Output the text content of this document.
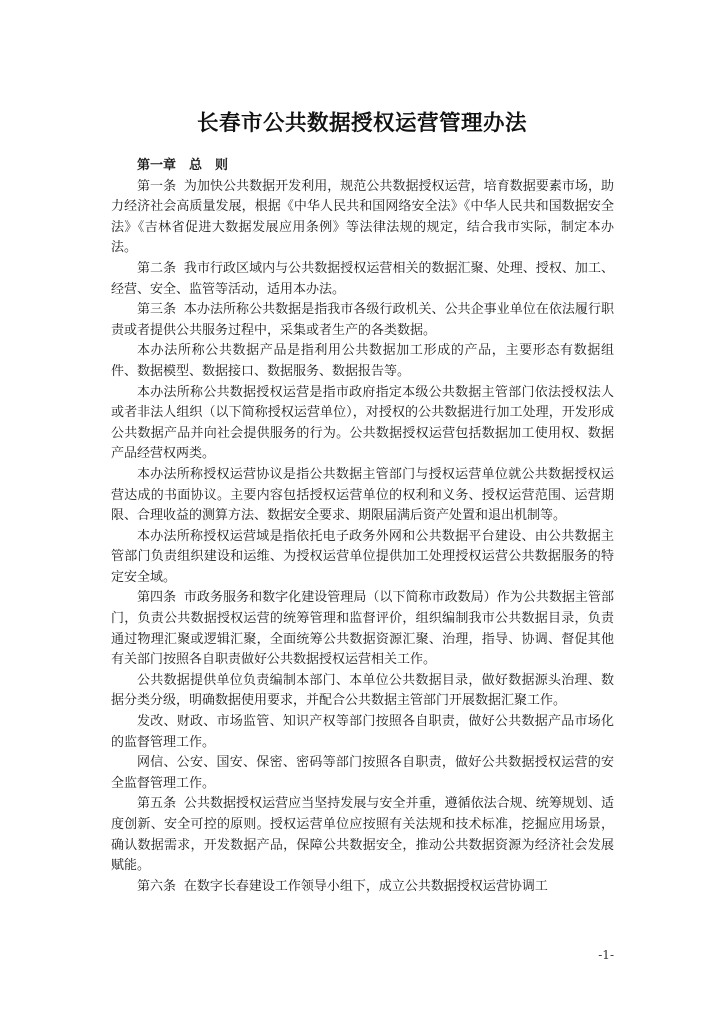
长春市公共数据授权运营管理办法

第一章　总　则

第一条 为加快公共数据开发利用，规范公共数据授权运营，培育数据要素市场，助力经济社会高质量发展，根据《中华人民共和国网络安全法》《中华人民共和国数据安全法》《吉林省促进大数据发展应用条例》等法律法规的规定，结合我市实际，制定本办法。

第二条 我市行政区域内与公共数据授权运营相关的数据汇聚、处理、授权、加工、经营、安全、监管等活动，适用本办法。

第三条 本办法所称公共数据是指我市各级行政机关、公共企事业单位在依法履行职责或者提供公共服务过程中，采集或者生产的各类数据。

本办法所称公共数据产品是指利用公共数据加工形成的产品，主要形态有数据组件、数据模型、数据接口、数据服务、数据报告等。

本办法所称公共数据授权运营是指市政府指定本级公共数据主管部门依法授权法人或者非法人组织（以下简称授权运营单位），对授权的公共数据进行加工处理，开发形成公共数据产品并向社会提供服务的行为。公共数据授权运营包括数据加工使用权、数据产品经营权两类。

本办法所称授权运营协议是指公共数据主管部门与授权运营单位就公共数据授权运营达成的书面协议。主要内容包括授权运营单位的权利和义务、授权运营范围、运营期限、合理收益的测算方法、数据安全要求、期限届满后资产处置和退出机制等。

本办法所称授权运营域是指依托电子政务外网和公共数据平台建设、由公共数据主管部门负责组织建设和运维、为授权运营单位提供加工处理授权运营公共数据服务的特定安全域。

第四条 市政务服务和数字化建设管理局（以下简称市政数局）作为公共数据主管部门，负责公共数据授权运营的统筹管理和监督评价，组织编制我市公共数据目录，负责通过物理汇聚或逻辑汇聚，全面统筹公共数据资源汇聚、治理，指导、协调、督促其他有关部门按照各自职责做好公共数据授权运营相关工作。

公共数据提供单位负责编制本部门、本单位公共数据目录，做好数据源头治理、数据分类分级，明确数据使用要求，并配合公共数据主管部门开展数据汇聚工作。

发改、财政、市场监管、知识产权等部门按照各自职责，做好公共数据产品市场化的监督管理工作。

网信、公安、国安、保密、密码等部门按照各自职责，做好公共数据授权运营的安全监督管理工作。

第五条 公共数据授权运营应当坚持发展与安全并重，遵循依法合规、统筹规划、适度创新、安全可控的原则。授权运营单位应按照有关法规和技术标准，挖掘应用场景，确认数据需求，开发数据产品，保障公共数据安全，推动公共数据资源为经济社会发展赋能。

第六条 在数字长春建设工作领导小组下，成立公共数据授权运营协调工

-1-
